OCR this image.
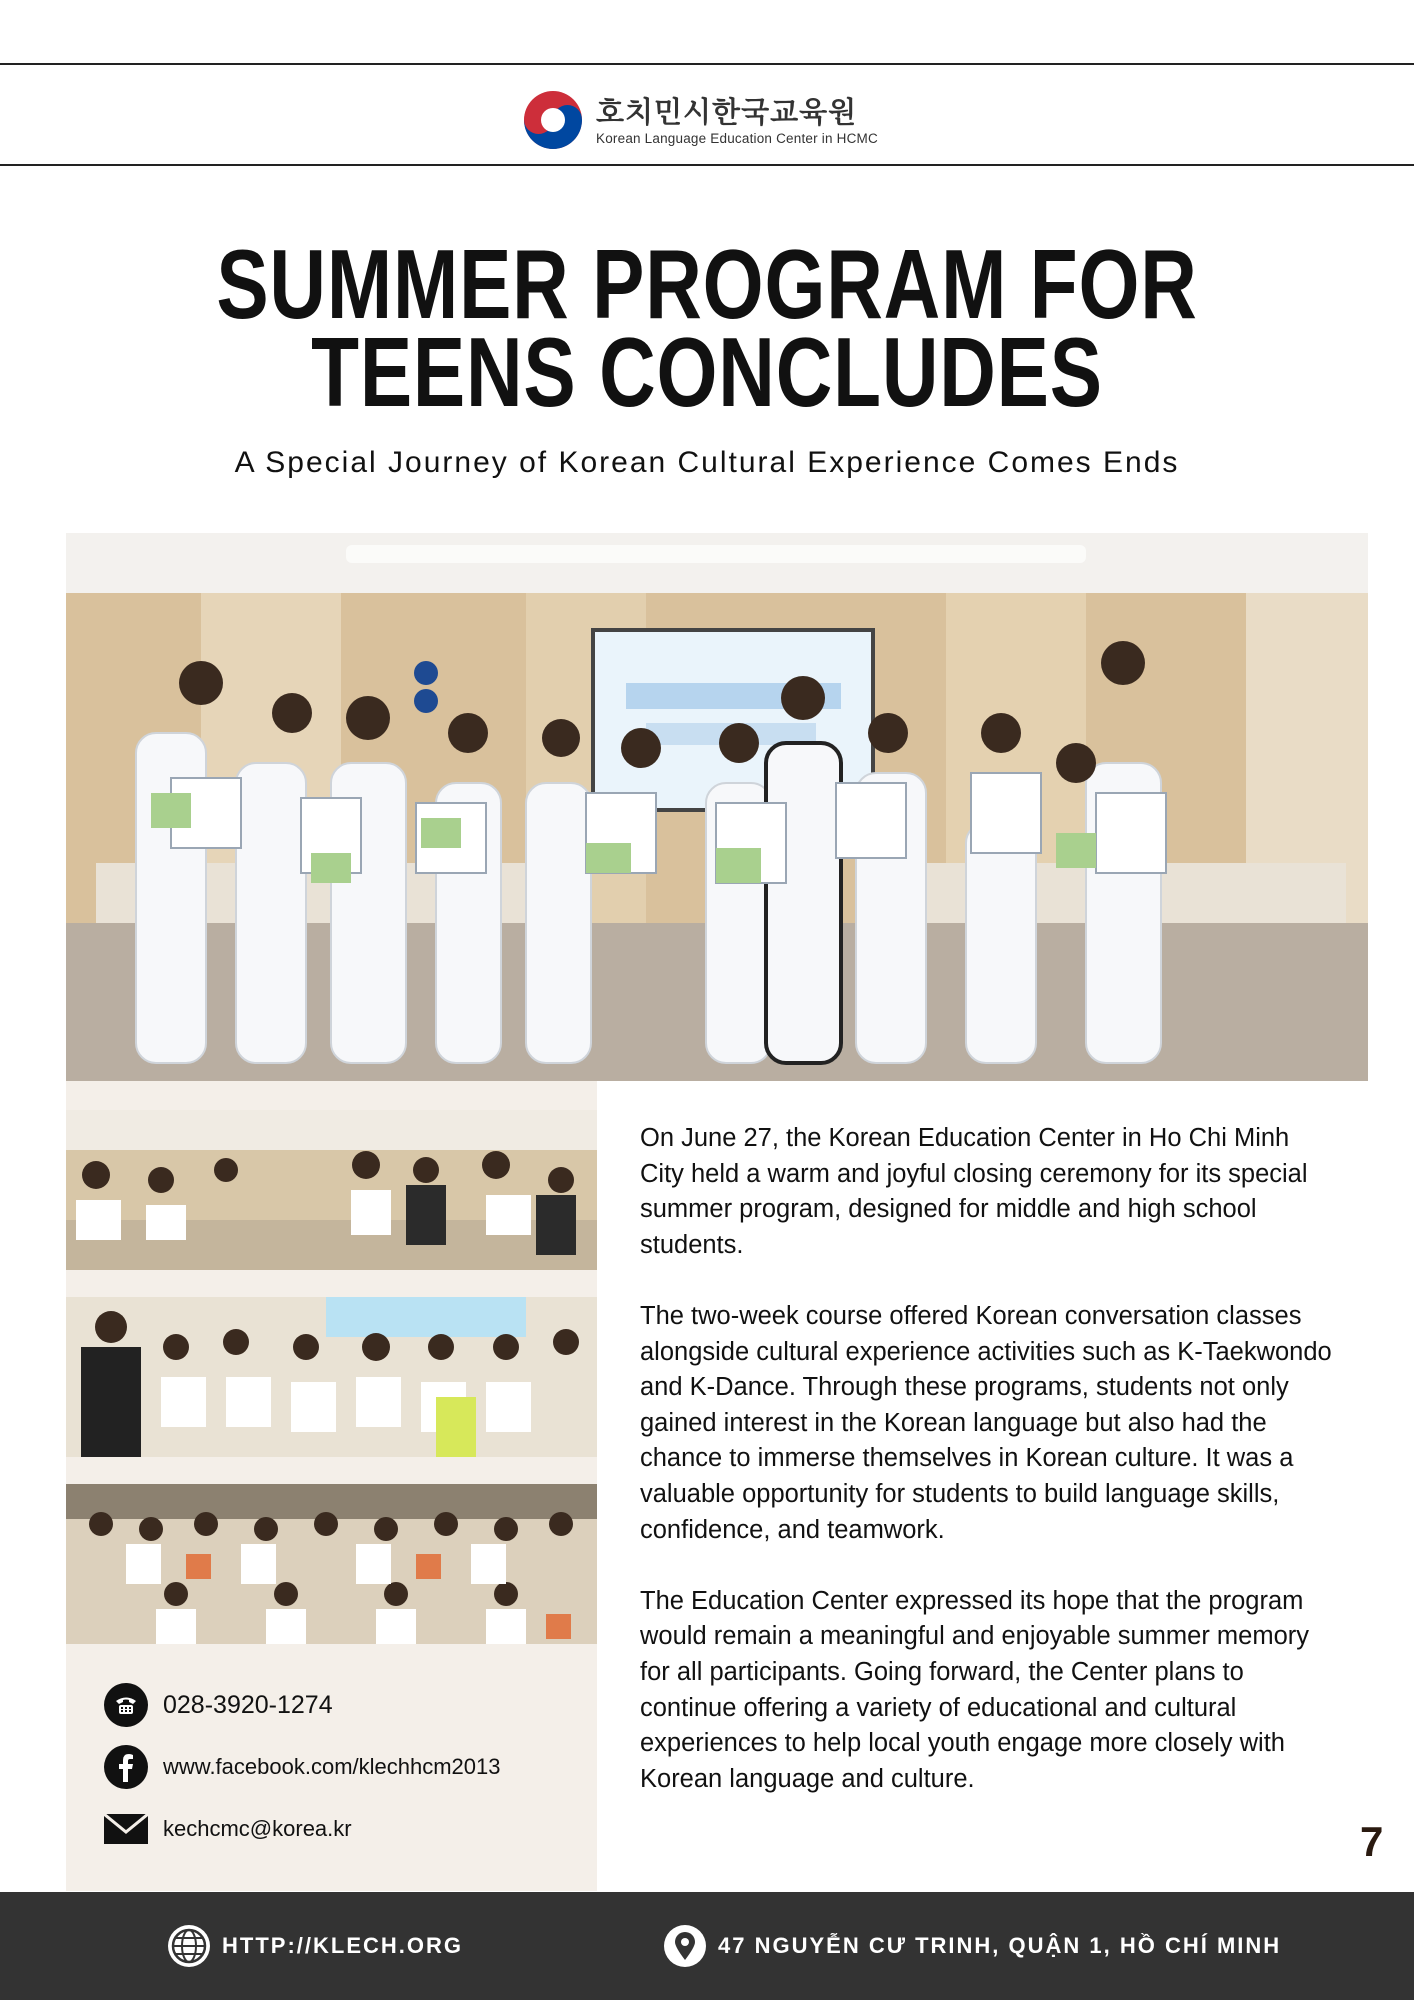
호치민시한국교육원
Korean Language Education Center in HCMC
SUMMER PROGRAM FOR
TEENS CONCLUDES
A Special Journey of Korean Cultural Experience Comes Ends
028-3920-1274
www.facebook.com/klechhcm2013
kechcmc@korea.kr

On June 27, the Korean Education Center in Ho Chi Minh City held a warm and joyful closing ceremony for its special summer program, designed for middle and high school students.

The two-week course offered Korean conversation classes alongside cultural experience activities such as K-Taekwondo and K-Dance. Through these programs, students not only gained interest in the Korean language but also had the chance to immerse themselves in Korean culture. It was a valuable opportunity for students to build language skills, confidence, and teamwork.

The Education Center expressed its hope that the program would remain a meaningful and enjoyable summer memory for all participants. Going forward, the Center plans to continue offering a variety of educational and cultural experiences to help local youth engage more closely with Korean language and culture.

7
HTTP://KLECH.ORG	47 NGUYỄN CƯ TRINH, QUẬN 1, HỒ CHÍ MINH
